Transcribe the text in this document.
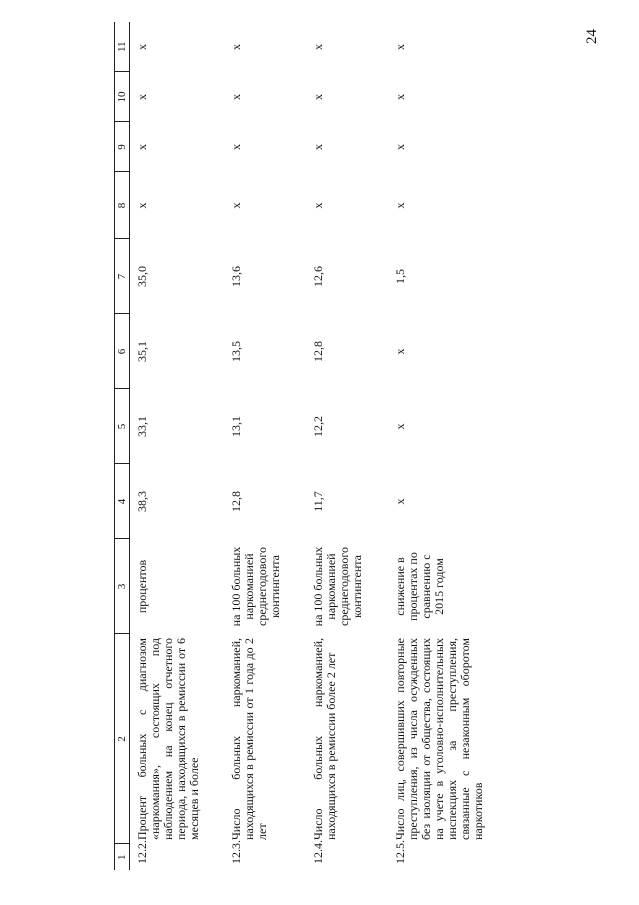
24
1	2	3	4	5	6	7	8	9	10	11
12.2.	Процент больных с диагнозом «наркомания», состоящих под наблюдением на конец отчетного периода, находящихся в ремиссии от 6 месяцев и более	процентов	38,3	33,1	35,1	35,0	x	x	x	x
12.3.	Число больных наркоманией, находящихся в ремиссии от 1 года до 2 лет	на 100 больных наркоманией среднегодового контингента	12,8	13,1	13,5	13,6	x	x	x	x
12.4.	Число больных наркоманией, находящихся в ремиссии более 2 лет	на 100 больных наркоманией среднегодового контингента	11,7	12,2	12,8	12,6	x	x	x	x
12.5.	Число лиц, совершивших повторные преступления, из числа осужденных без изоляции от общества, состоящих на учете в уголовно-исполнительных инспекциях за преступления, связанные с незаконным оборотом наркотиков	снижение в процентах по сравнению с 2015 годом	x	x	x	1,5	x	x	x	x
